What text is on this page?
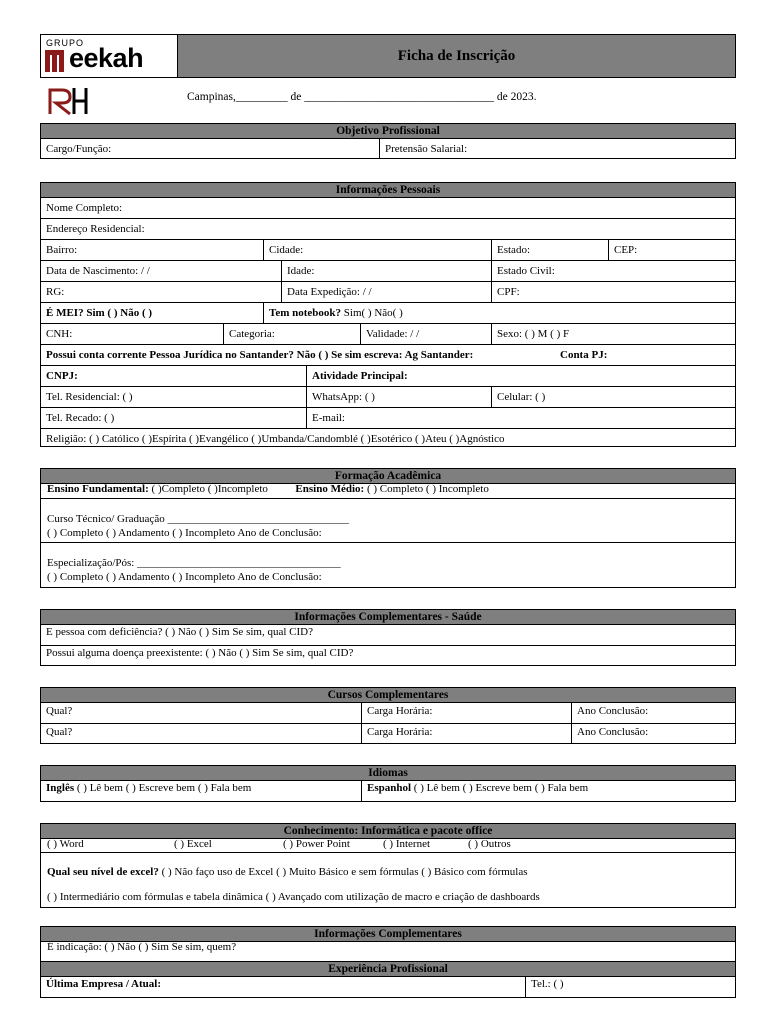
GRUPO
eekah	Ficha de Inscrição
Campinas,_________ de _________________________________ de 2023.
Objetivo Profissional
Cargo/Função:	Pretensão Salarial:
Informações Pessoais
Nome Completo:
Endereço Residencial:
Bairro:	Cidade:	Estado:	CEP:
Data de Nascimento: / /	Idade:	Estado Civil:
RG:	Data Expedição: / /	CPF:
É MEI? Sim ( ) Não ( )	Tem notebook? Sim( ) Não( )
CNH:	Categoria:	Validade: / /	Sexo: ( ) M ( ) F
Possui conta corrente Pessoa Jurídica no Santander? Não ( ) Se sim escreva: Ag Santander:	Conta PJ:
CNPJ:	Atividade Principal:
Tel. Residencial: ( )	WhatsApp: ( )	Celular: ( )
Tel. Recado: ( )	E-mail:
Religião: ( ) Católico ( )Espírita ( )Evangélico ( )Umbanda/Candomblé ( )Esotérico ( )Ateu ( )Agnóstico
Formação Acadêmica
Ensino Fundamental: ( )Completo ( )Incompleto	Ensino Médio: ( ) Completo ( ) Incompleto
Curso Técnico/ Graduação _________________________________
( ) Completo ( ) Andamento ( ) Incompleto Ano de Conclusão:
Especialização/Pós: _____________________________________
( ) Completo ( ) Andamento ( ) Incompleto Ano de Conclusão:
Informações Complementares - Saúde
E pessoa com deficiência? ( ) Não ( ) Sim Se sim, qual CID?
Possui alguma doença preexistente: ( ) Não ( ) Sim Se sim, qual CID?
Cursos Complementares
Qual?	Carga Horária:	Ano Conclusão:
Qual?	Carga Horária:	Ano Conclusão:
Idiomas
Inglês ( ) Lê bem ( ) Escreve bem ( ) Fala bem	Espanhol ( ) Lê bem ( ) Escreve bem ( ) Fala bem
Conhecimento: Informática e pacote office
( ) Word	( ) Excel	( ) Power Point	( ) Internet	( ) Outros
Qual seu nível de excel? ( ) Não faço uso de Excel ( ) Muito Básico e sem fórmulas ( ) Básico com fórmulas
( ) Intermediário com fórmulas e tabela dinâmica ( ) Avançado com utilização de macro e criação de dashboards
Informações Complementares
É indicação: ( ) Não ( ) Sim Se sim, quem?
Experiência Profissional
Última Empresa / Atual:	Tel.: ( )
